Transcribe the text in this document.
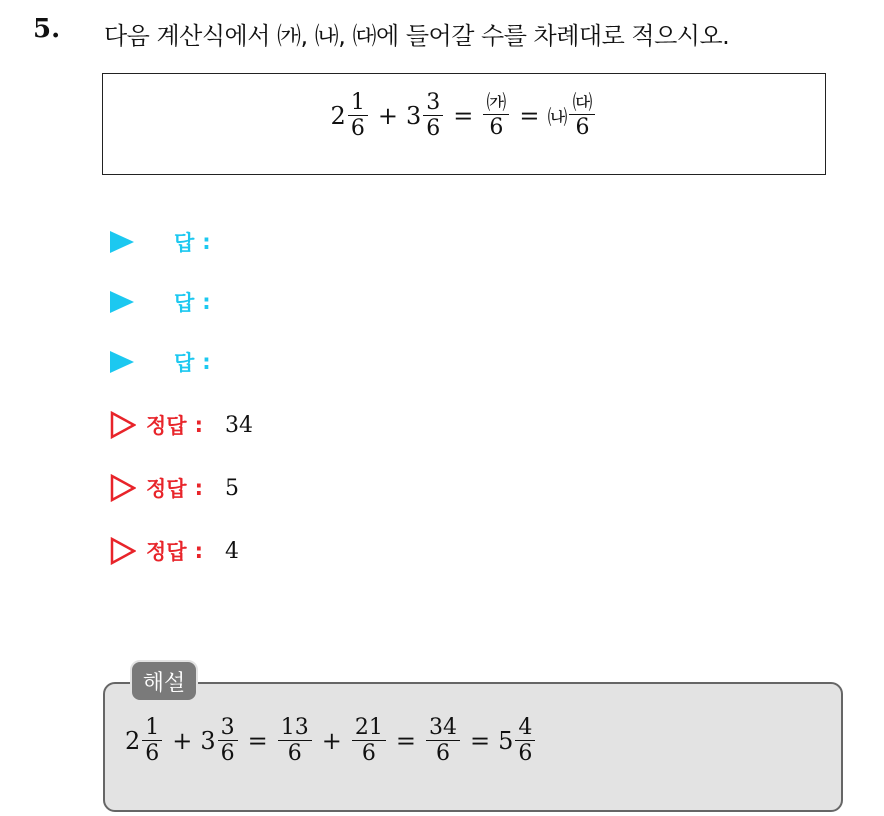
5. 다음 계산식에서 ㈎, ㈏, ㈐에 들어갈 수를 차례대로 적으시오.
$2 \frac{1}{6} + 3 \frac{3}{6} = \frac{㈎}{6}$ = ㈏ $\frac{㈐}{6}$
답 :
답 :
답 :
정답 : 34
정답 : 5
정답 : 4
해설
$2 \frac{1}{6} + 3 \frac{3}{6} = \frac{13}{6} + \frac{21}{6} = \frac{34}{6} = 5 \frac{4}{6}$
